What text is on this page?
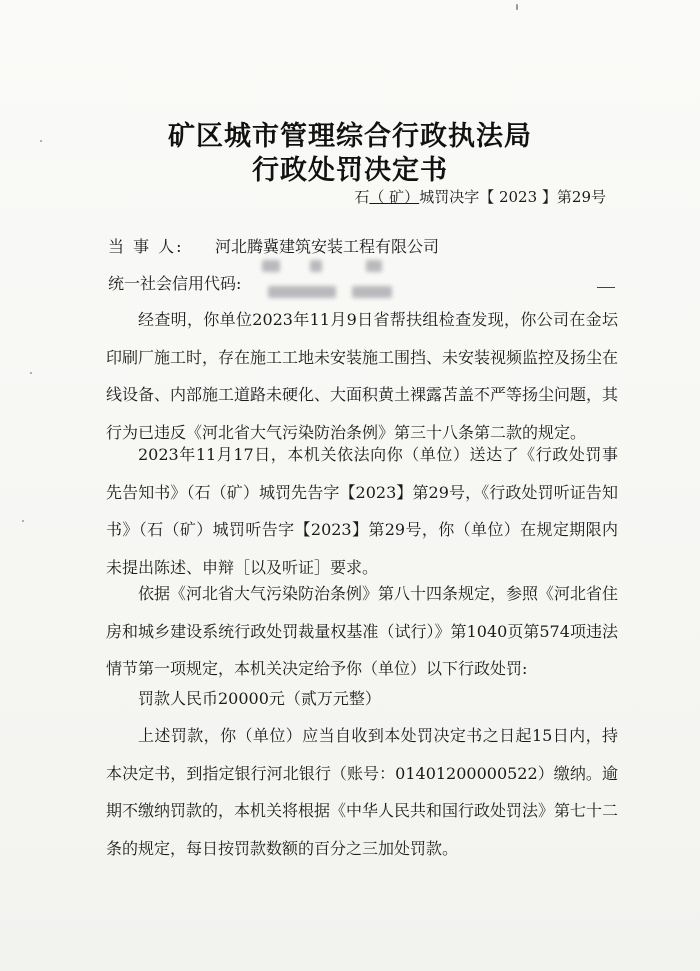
矿区城市管理综合行政执法局
行政处罚决定书
石（ 矿）城罚决字【 2023 】第29号
当 事 人: 河北腾冀建筑安装工程有限公司
统一社会信用代码:

经查明，你单位2023年11月9日省帮扶组检查发现，你公司在金坛印刷厂施工时，存在施工工地未安装施工围挡、未安装视频监控及扬尘在线设备、内部施工道路未硬化、大面积黄土裸露苫盖不严等扬尘问题，其行为已违反《河北省大气污染防治条例》第三十八条第二款的规定。

2023年11月17日，本机关依法向你（单位）送达了《行政处罚事先告知书》（石（矿）城罚先告字【2023】第29号，《行政处罚听证告知书》（石（矿）城罚听告字【2023】第29号，你（单位）在规定期限内未提出陈述、申辩［以及听证］要求。

依据《河北省大气污染防治条例》第八十四条规定，参照《河北省住房和城乡建设系统行政处罚裁量权基准（试行）》第1040页第574项违法情节第一项规定，本机关决定给予你（单位）以下行政处罚:

罚款人民币20000元（贰万元整）

上述罚款，你（单位）应当自收到本处罚决定书之日起15日内，持本决定书，到指定银行河北银行（账号：01401200000522）缴纳。逾期不缴纳罚款的，本机关将根据《中华人民共和国行政处罚法》第七十二条的规定，每日按罚款数额的百分之三加处罚款。
